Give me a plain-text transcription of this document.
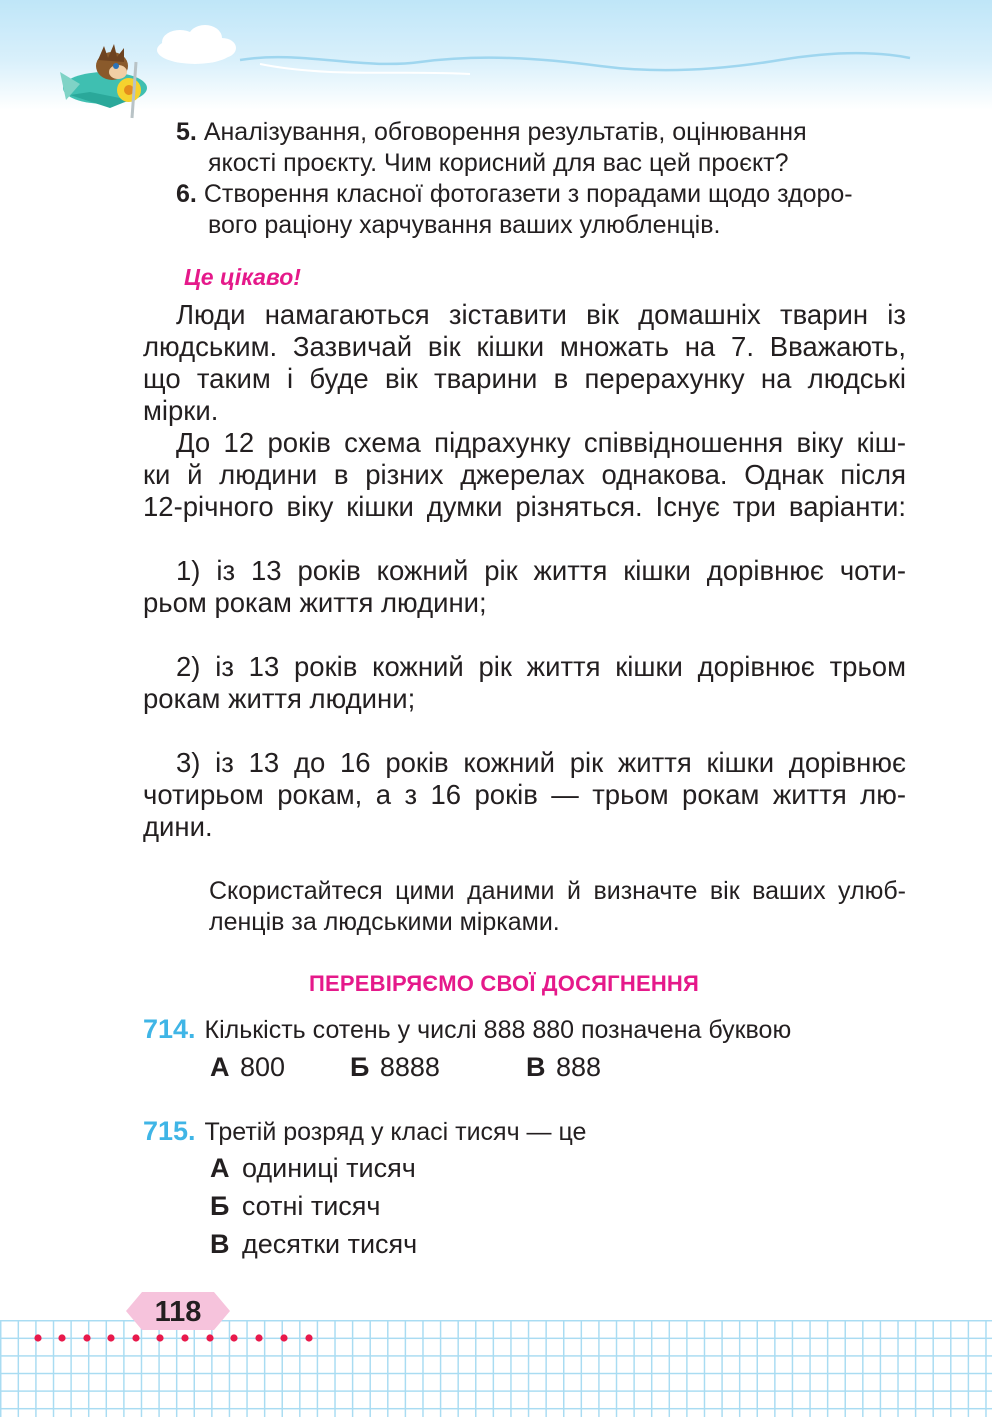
5. Аналізування, обговорення результатів, оцінювання
якості проєкту. Чим корисний для вас цей проєкт?
6. Створення класної фотогазети з порадами щодо здоро-
вого раціону харчування ваших улюбленців.
Це цікаво!
Люди намагаються зіставити вік домашніх тварин із
людським. Зазвичай вік кішки множать на 7. Вважають,
що таким і буде вік тварини в перерахунку на людські
мірки.
До 12 років схема підрахунку співвідношення віку кіш-
ки й людини в різних джерелах однакова. Однак після
12-річного віку кішки думки різняться. Існує три варіанти:
1) із 13 років кожний рік життя кішки дорівнює чоти-
рьом рокам життя людини;
2) із 13 років кожний рік життя кішки дорівнює трьом
рокам життя людини;
3) із 13 до 16 років кожний рік життя кішки дорівнює
чотирьом рокам, а з 16 років — трьом рокам життя лю-
дини.
Скористайтеся цими даними й визначте вік ваших улюб-
ленців за людськими мірками.
ПЕРЕВІРЯЄМО СВОЇ ДОСЯГНЕННЯ
714. Кількість сотень у числі 888 880 позначена буквою
А 800 Б 8888	В 888
715. Третій розряд у класі тисяч — це
А одиниці тисяч
Б сотні тисяч
В десятки тисяч
118
